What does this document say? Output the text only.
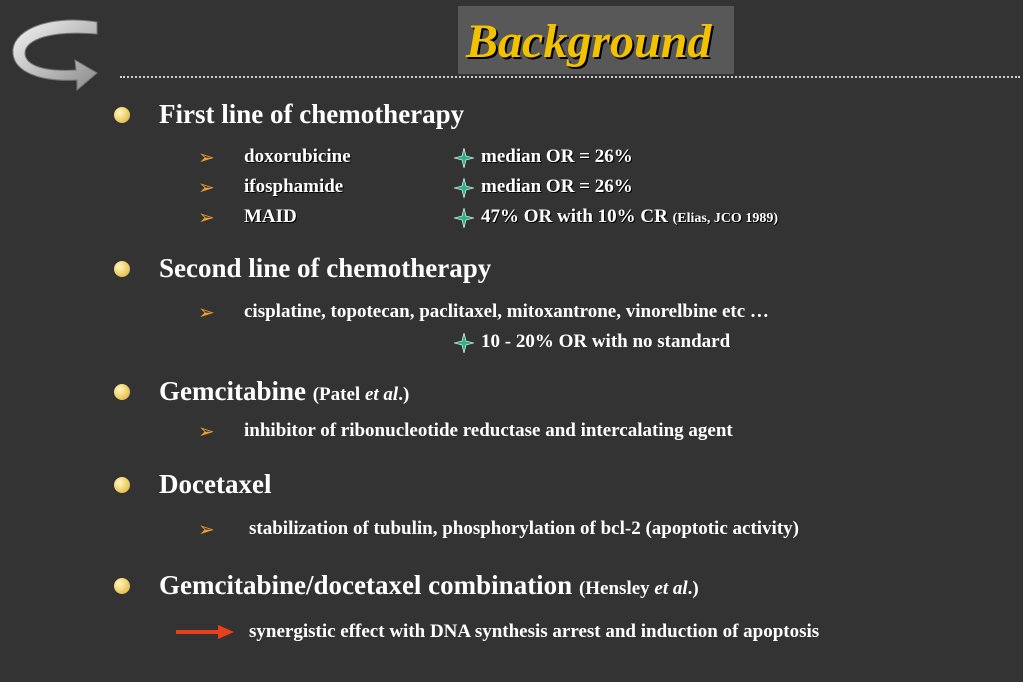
Background
First line of chemotherapy
➢ doxorubicine	median OR = 26%
➢ ifosphamide	median OR = 26%
➢ MAID	47% OR with 10% CR (Elias, JCO 1989)
Second line of chemotherapy
➢ cisplatine, topotecan, paclitaxel, mitoxantrone, vinorelbine etc …
10 - 20% OR with no standard
Gemcitabine (Patel et al.)
➢ inhibitor of ribonucleotide reductase and intercalating agent
Docetaxel
➢ stabilization of tubulin, phosphorylation of bcl-2 (apoptotic activity)
Gemcitabine/docetaxel combination (Hensley et al.)
synergistic effect with DNA synthesis arrest and induction of apoptosis
